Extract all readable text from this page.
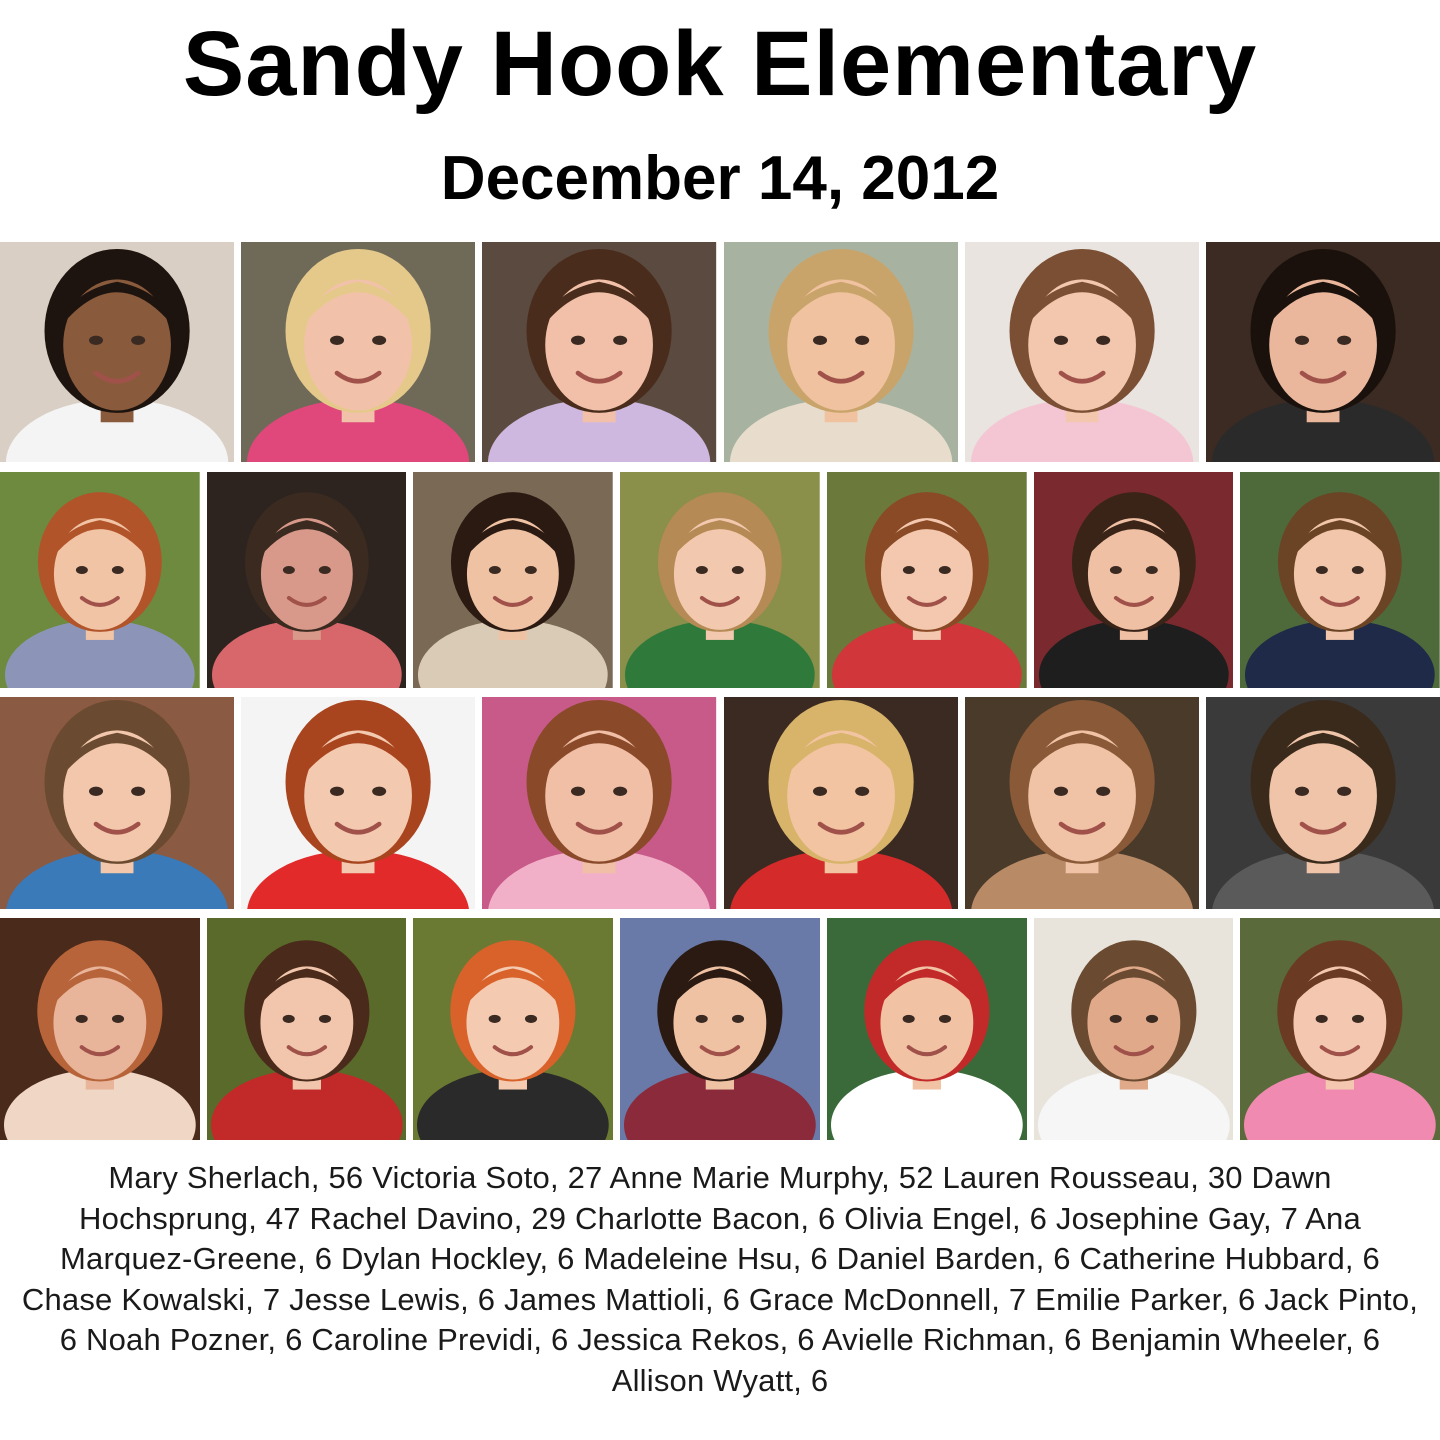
Sandy Hook Elementary
December 14, 2012
Mary Sherlach, 56 Victoria Soto, 27 Anne Marie Murphy, 52 Lauren Rousseau, 30 Dawn Hochsprung, 47 Rachel Davino, 29 Charlotte Bacon, 6 Olivia Engel, 6 Josephine Gay, 7 Ana Marquez-Greene, 6 Dylan Hockley, 6 Madeleine Hsu, 6 Daniel Barden, 6 Catherine Hubbard, 6 Chase Kowalski, 7 Jesse Lewis, 6 James Mattioli, 6 Grace McDonnell, 7 Emilie Parker, 6 Jack Pinto, 6 Noah Pozner, 6 Caroline Previdi, 6 Jessica Rekos, 6 Avielle Richman, 6 Benjamin Wheeler, 6 Allison Wyatt, 6
